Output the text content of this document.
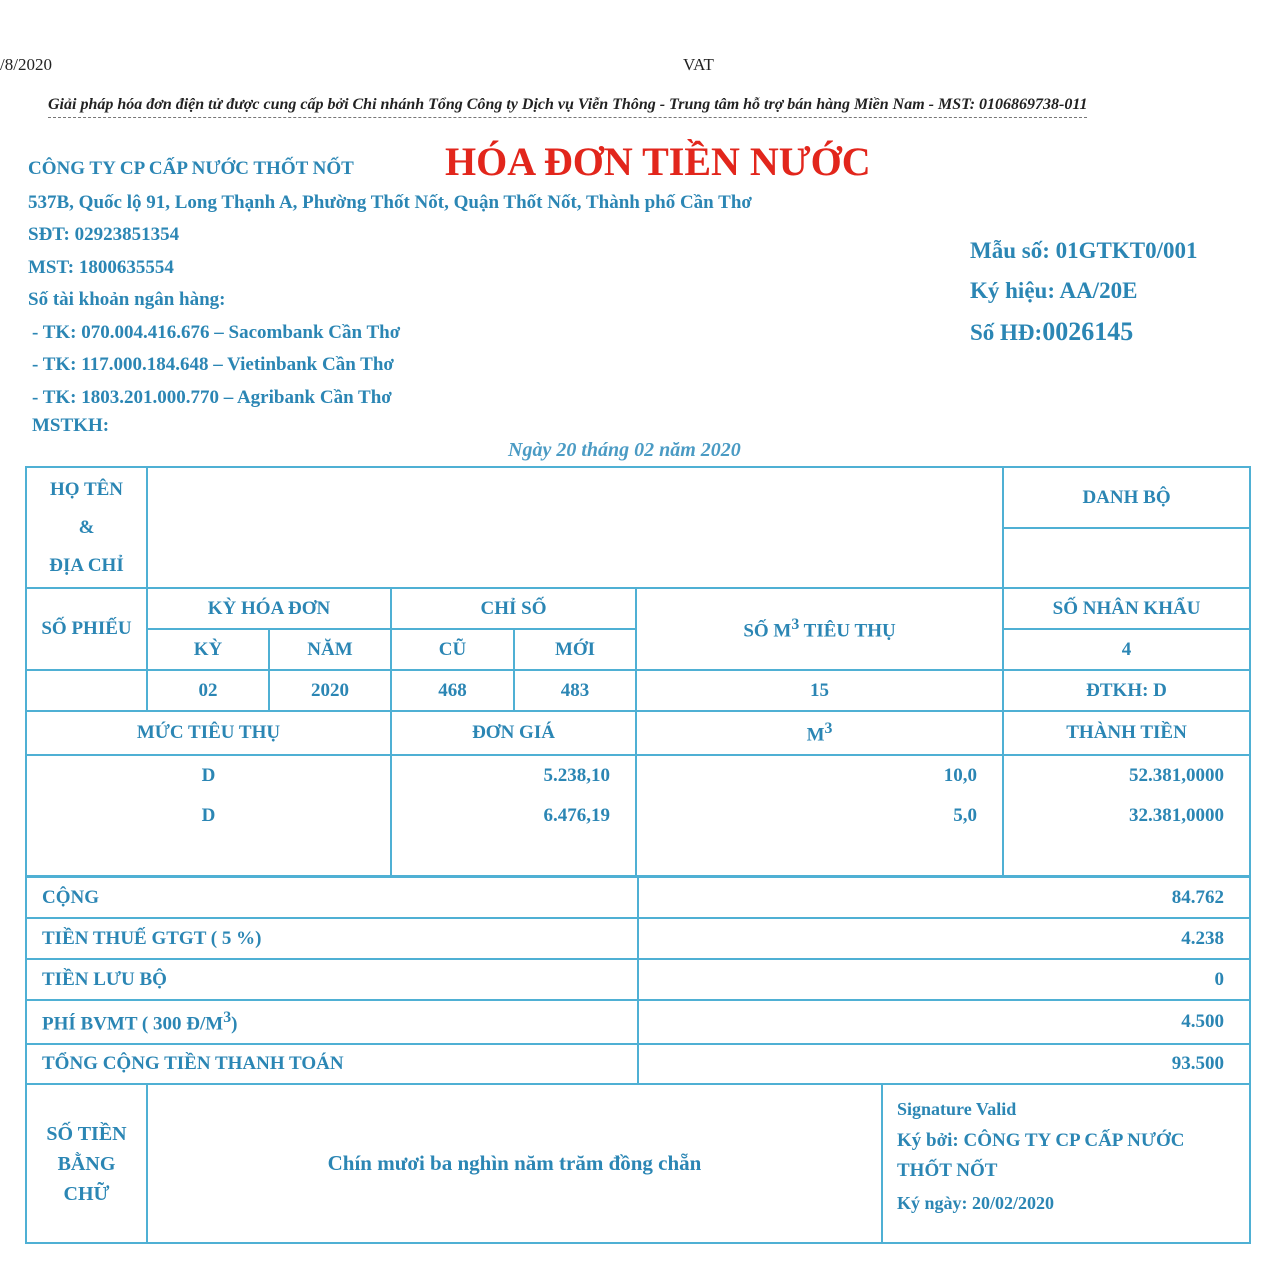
/8/2020	VAT
Giải pháp hóa đơn điện tử được cung cấp bởi Chi nhánh Tổng Công ty Dịch vụ Viễn Thông - Trung tâm hỗ trợ bán hàng Miền Nam - MST: 0106869738-011
HÓA ĐƠN TIỀN NƯỚC
CÔNG TY CP CẤP NƯỚC THỐT NỐT
537B, Quốc lộ 91, Long Thạnh A, Phường Thốt Nốt, Quận Thốt Nốt, Thành phố Cần Thơ
SĐT: 02923851354
MST: 1800635554
Số tài khoản ngân hàng:
- TK: 070.004.416.676 – Sacombank Cần Thơ
- TK: 117.000.184.648 – Vietinbank Cần Thơ
- TK: 1803.201.000.770 – Agribank Cần Thơ
MSTKH:
Mẫu số: 01GTKT0/001
Ký hiệu: AA/20E
Số HĐ:0026145
Ngày 20 tháng 02 năm 2020
HỌ TÊN
&
ĐỊA CHỈ						DANH BỘ

SỐ PHIẾU	KỲ HÓA ĐƠN		CHỈ SỐ		SỐ $M^3$ TIÊU THỤ	SỐ NHÂN KHẨU
	KỲ	NĂM	CŨ	MỚI		4
	02	2020	468	483	15	ĐTKH: D
MỨC TIÊU THỤ			ĐƠN GIÁ		$M^3$	THÀNH TIỀN
D			5.238,10		10,0	52.381,0000
D			6.476,19		5,0	32.381,0000

CỘNG	84.762
TIỀN THUẾ GTGT ( 5 %)	4.238
TIỀN LƯU BỘ	0
PHÍ BVMT ( 300 $Đ/M^3$)	4.500
TỔNG CỘNG TIỀN THANH TOÁN	93.500
SỐ TIỀN
BẰNG
CHỮ
	Chín mươi ba nghìn năm trăm đồng chẵn	
Signature Valid
Ký bởi: CÔNG TY CP CẤP NƯỚC
THỐT NỐT
Ký ngày: 20/02/2020
